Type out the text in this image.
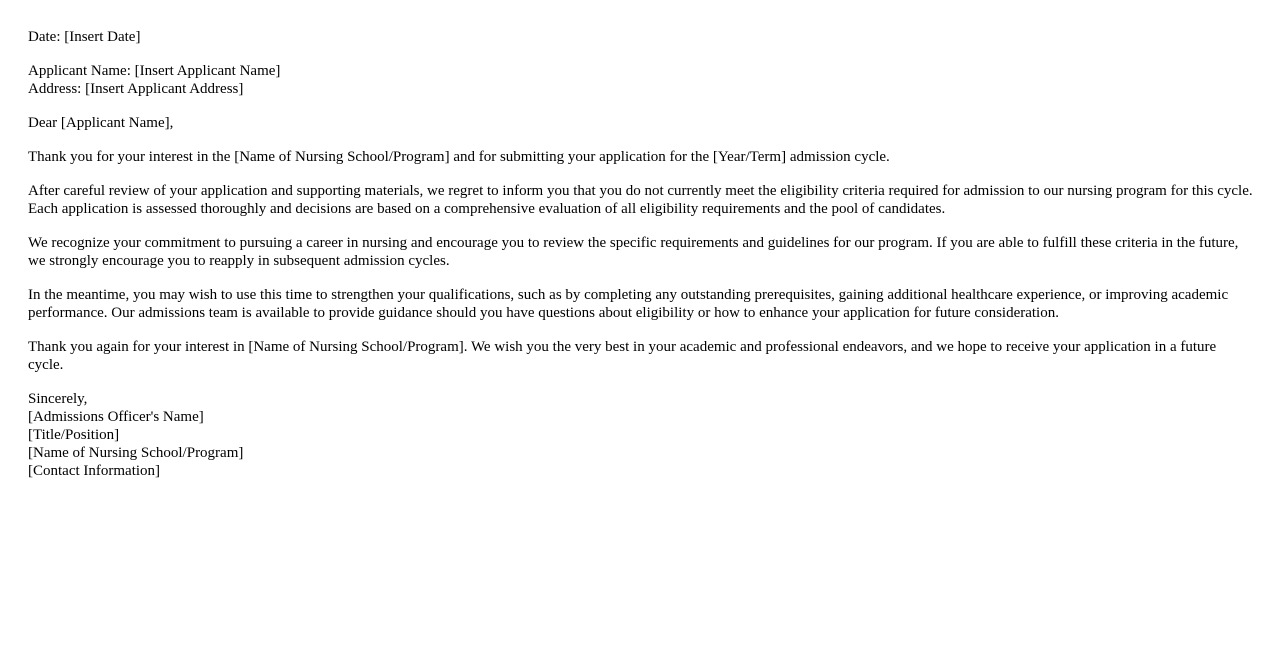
Date: [Insert Date]
Applicant Name: [Insert Applicant Name]
Address: [Insert Applicant Address]
Dear [Applicant Name],

Thank you for your interest in the [Name of Nursing School/Program] and for submitting your application for the [Year/Term] admission cycle.

After careful review of your application and supporting materials, we regret to inform you that you do not currently meet the eligibility criteria required for admission to our nursing program for this cycle. Each application is assessed thoroughly and decisions are based on a comprehensive evaluation of all eligibility requirements and the pool of candidates.

We recognize your commitment to pursuing a career in nursing and encourage you to review the specific requirements and guidelines for our program. If you are able to fulfill these criteria in the future, we strongly encourage you to reapply in subsequent admission cycles.

In the meantime, you may wish to use this time to strengthen your qualifications, such as by completing any outstanding prerequisites, gaining additional healthcare experience, or improving academic performance. Our admissions team is available to provide guidance should you have questions about eligibility or how to enhance your application for future consideration.

Thank you again for your interest in [Name of Nursing School/Program]. We wish you the very best in your academic and professional endeavors, and we hope to receive your application in a future cycle.

Sincerely,
[Admissions Officer's Name]
[Title/Position]
[Name of Nursing School/Program]
[Contact Information]
